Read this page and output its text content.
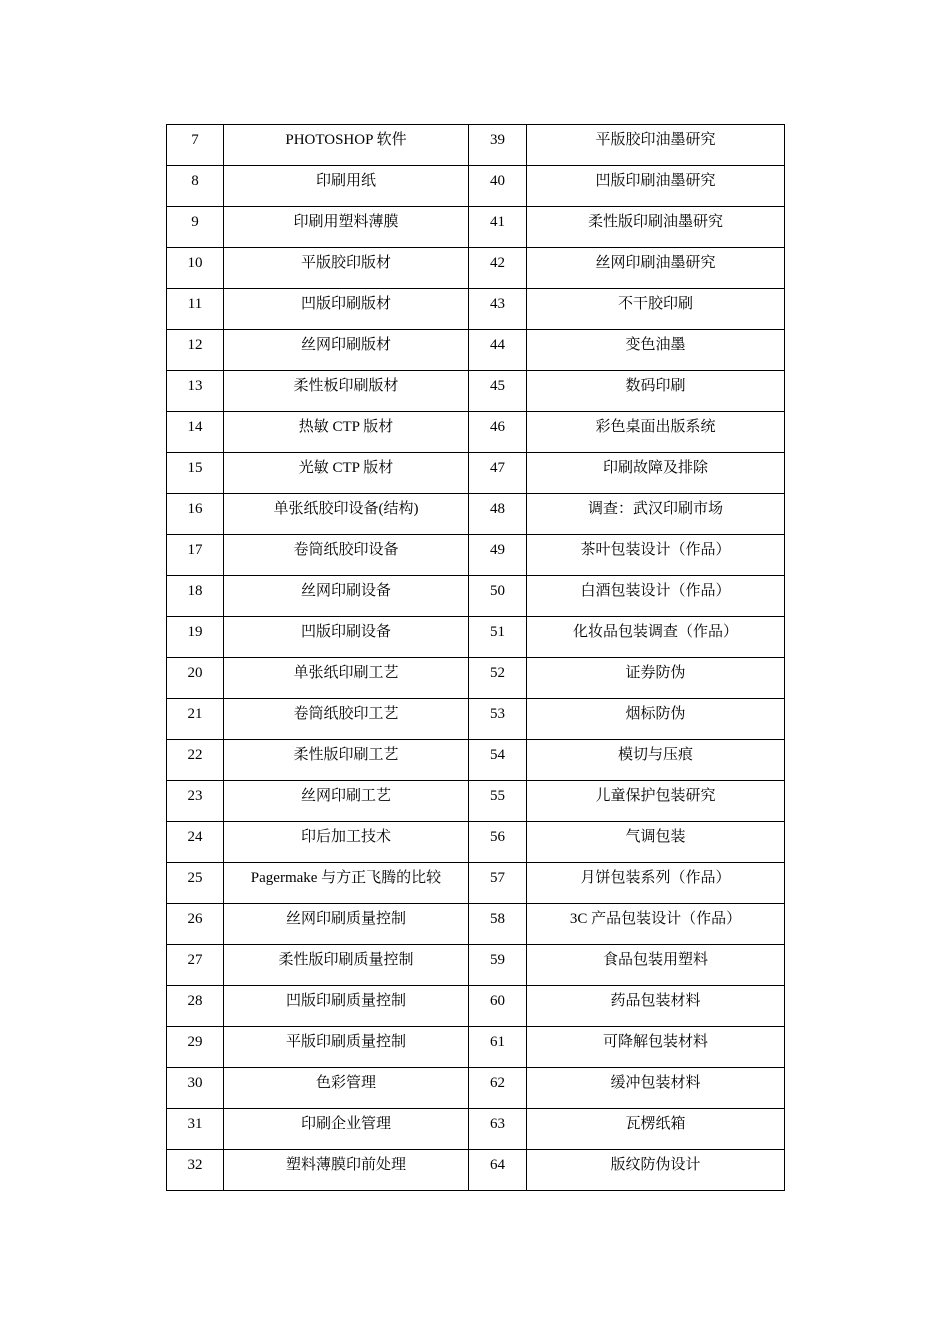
7	PHOTOSHOP 软件	39	平版胶印油墨研究
8	印刷用纸	40	凹版印刷油墨研究
9	印刷用塑料薄膜	41	柔性版印刷油墨研究
10	平版胶印版材	42	丝网印刷油墨研究
11	凹版印刷版材	43	不干胶印刷
12	丝网印刷版材	44	变色油墨
13	柔性板印刷版材	45	数码印刷
14	热敏 CTP 版材	46	彩色桌面出版系统
15	光敏 CTP 版材	47	印刷故障及排除
16	单张纸胶印设备(结构)	48	调查：武汉印刷市场
17	卷筒纸胶印设备	49	茶叶包装设计（作品）
18	丝网印刷设备	50	白酒包装设计（作品）
19	凹版印刷设备	51	化妆品包装调查（作品）
20	单张纸印刷工艺	52	证券防伪
21	卷筒纸胶印工艺	53	烟标防伪
22	柔性版印刷工艺	54	模切与压痕
23	丝网印刷工艺	55	儿童保护包装研究
24	印后加工技术	56	气调包装
25	Pagermake 与方正飞腾的比较	57	月饼包装系列（作品）
26	丝网印刷质量控制	58	3C 产品包装设计（作品）
27	柔性版印刷质量控制	59	食品包装用塑料
28	凹版印刷质量控制	60	药品包装材料
29	平版印刷质量控制	61	可降解包装材料
30	色彩管理	62	缓冲包装材料
31	印刷企业管理	63	瓦楞纸箱
32	塑料薄膜印前处理	64	版纹防伪设计
